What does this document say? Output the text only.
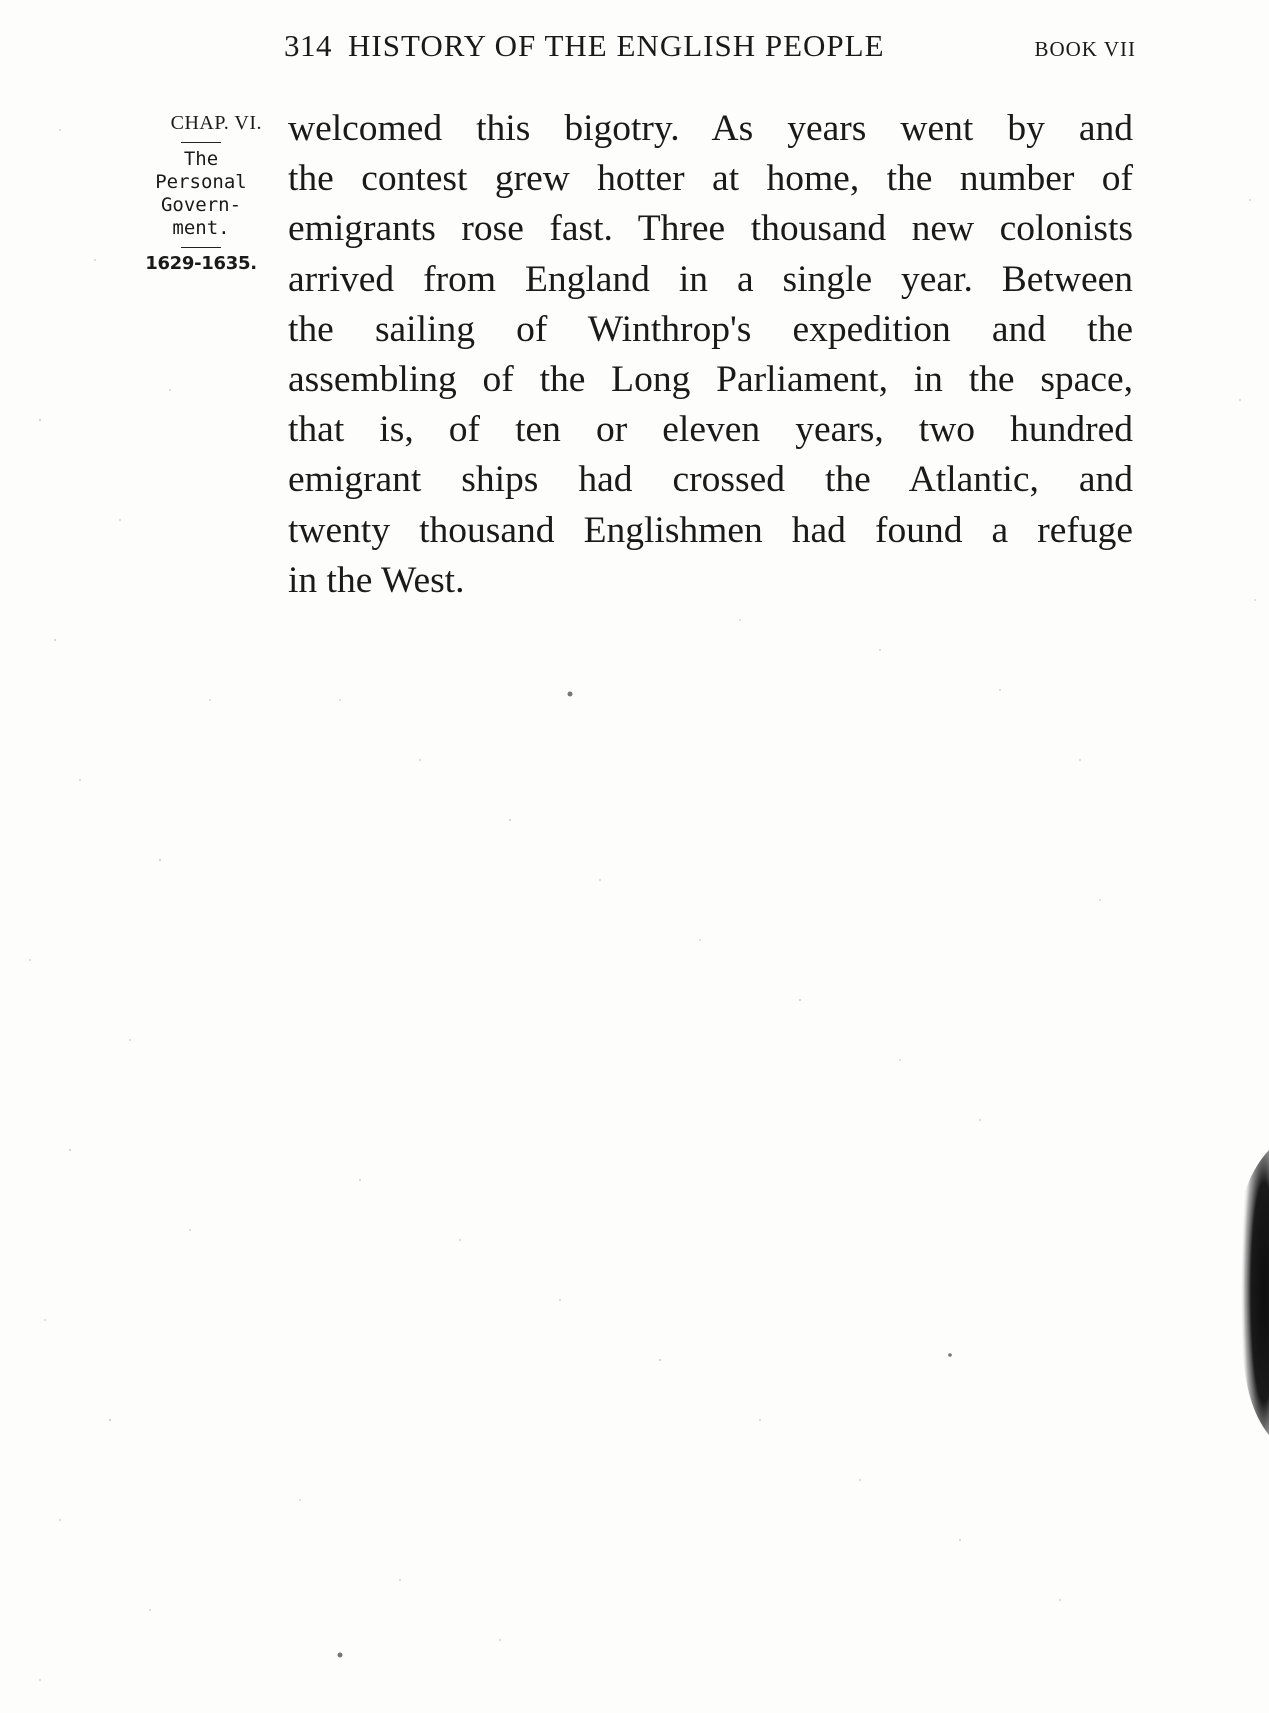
314 HISTORY OF THE ENGLISH PEOPLE	BOOK VII
CHAP. VI.
The
Personal
Govern-
ment.
1629-1635.
welcomed this bigotry. As years went by and
the contest grew hotter at home, the number of
emigrants rose fast. Three thousand new colonists
arrived from England in a single year. Between
the sailing of Winthrop's expedition and the
assembling of the Long Parliament, in the space,
that is, of ten or eleven years, two hundred
emigrant ships had crossed the Atlantic, and
twenty thousand Englishmen had found a refuge
in the West.
